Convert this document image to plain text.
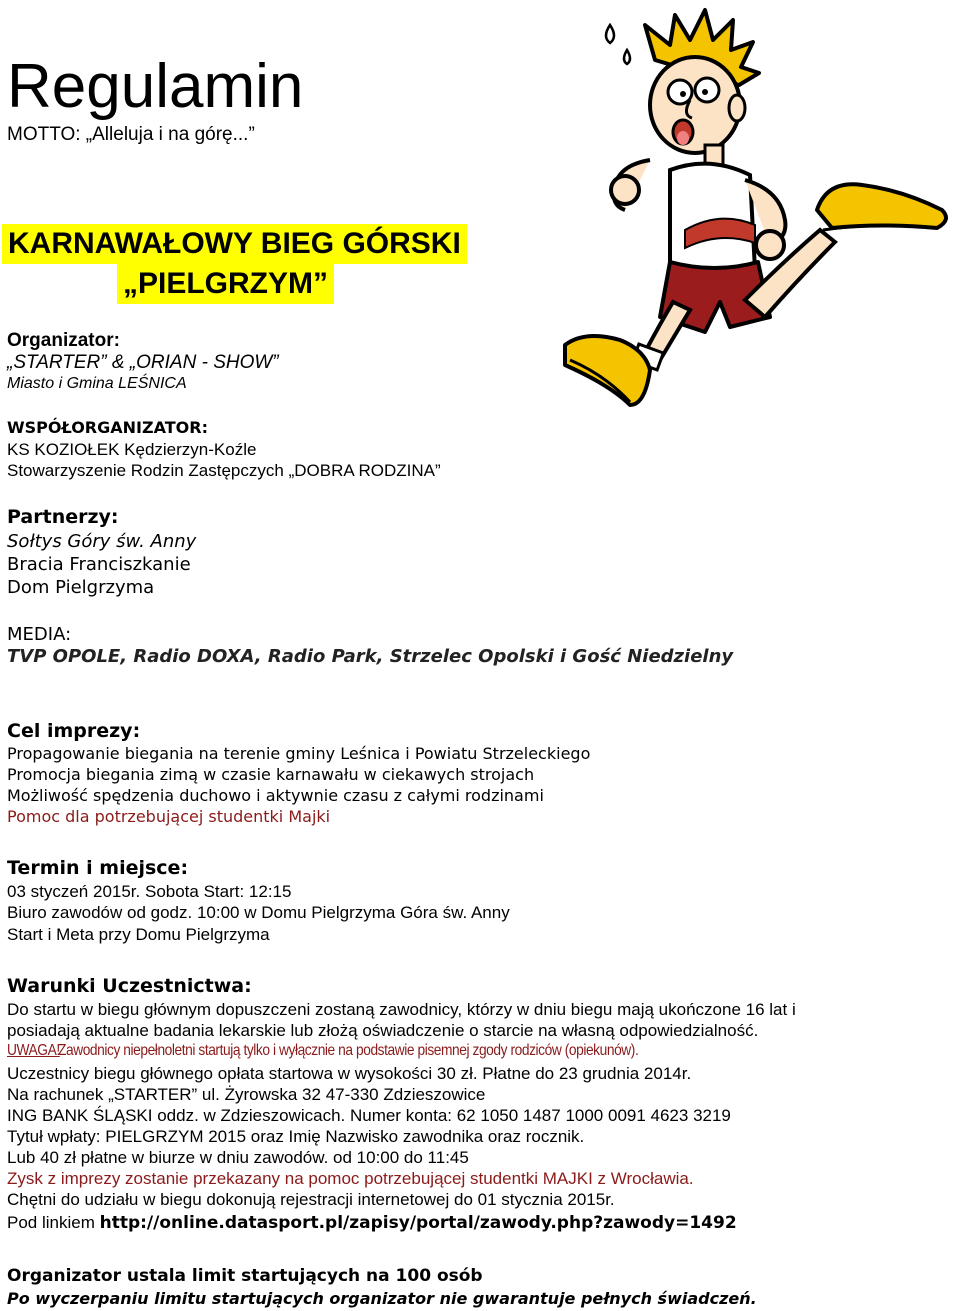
Regulamin
MOTTO: „Alleluja i na górę...”
KARNAWAŁOWY BIEG GÓRSKI
„PIELGRZYM”
Organizator:
„STARTER” & „ORIAN - SHOW”
Miasto i Gmina LEŚNICA
WSPÓŁORGANIZATOR:
KS KOZIOŁEK Kędzierzyn-Koźle
Stowarzyszenie Rodzin Zastępczych „DOBRA RODZINA”
Partnerzy:
Sołtys Góry św. Anny
Bracia Franciszkanie
Dom Pielgrzyma
MEDIA:
TVP OPOLE, Radio DOXA, Radio Park, Strzelec Opolski i Gość Niedzielny
Cel imprezy:
Propagowanie biegania na terenie gminy Leśnica i Powiatu Strzeleckiego
Promocja biegania zimą w czasie karnawału w ciekawych strojach
Możliwość spędzenia duchowo i aktywnie czasu z całymi rodzinami
Pomoc dla potrzebującej studentki Majki
Termin i miejsce:
03 styczeń 2015r. Sobota Start: 12:15
Biuro zawodów od godz. 10:00 w Domu Pielgrzyma Góra św. Anny
Start i Meta przy Domu Pielgrzyma
Warunki Uczestnictwa:
Do startu w biegu głównym dopuszczeni zostaną zawodnicy, którzy w dniu biegu mają ukończone 16 lat i
posiadają aktualne badania lekarskie lub złożą oświadczenie o starcie na własną odpowiedzialność.
UWAGA!Zawodnicy niepełnoletni startują tylko i wyłącznie na podstawie pisemnej zgody rodziców (opiekunów).
Uczestnicy biegu głównego opłata startowa w wysokości 30 zł. Płatne do 23 grudnia 2014r.
Na rachunek „STARTER” ul. Żyrowska 32 47-330 Zdzieszowice
ING BANK ŚLĄSKI oddz. w Zdzieszowicach. Numer konta: 62 1050 1487 1000 0091 4623 3219
Tytuł wpłaty: PIELGRZYM 2015 oraz Imię Nazwisko zawodnika oraz rocznik.
Lub 40 zł płatne w biurze w dniu zawodów. od 10:00 do 11:45
Zysk z imprezy zostanie przekazany na pomoc potrzebującej studentki MAJKI z Wrocławia.
Chętni do udziału w biegu dokonują rejestracji internetowej do 01 stycznia 2015r.
Pod linkiem http://online.datasport.pl/zapisy/portal/zawody.php?zawody=1492
Organizator ustala limit startujących na 100 osób
Po wyczerpaniu limitu startujących organizator nie gwarantuje pełnych świadczeń.
